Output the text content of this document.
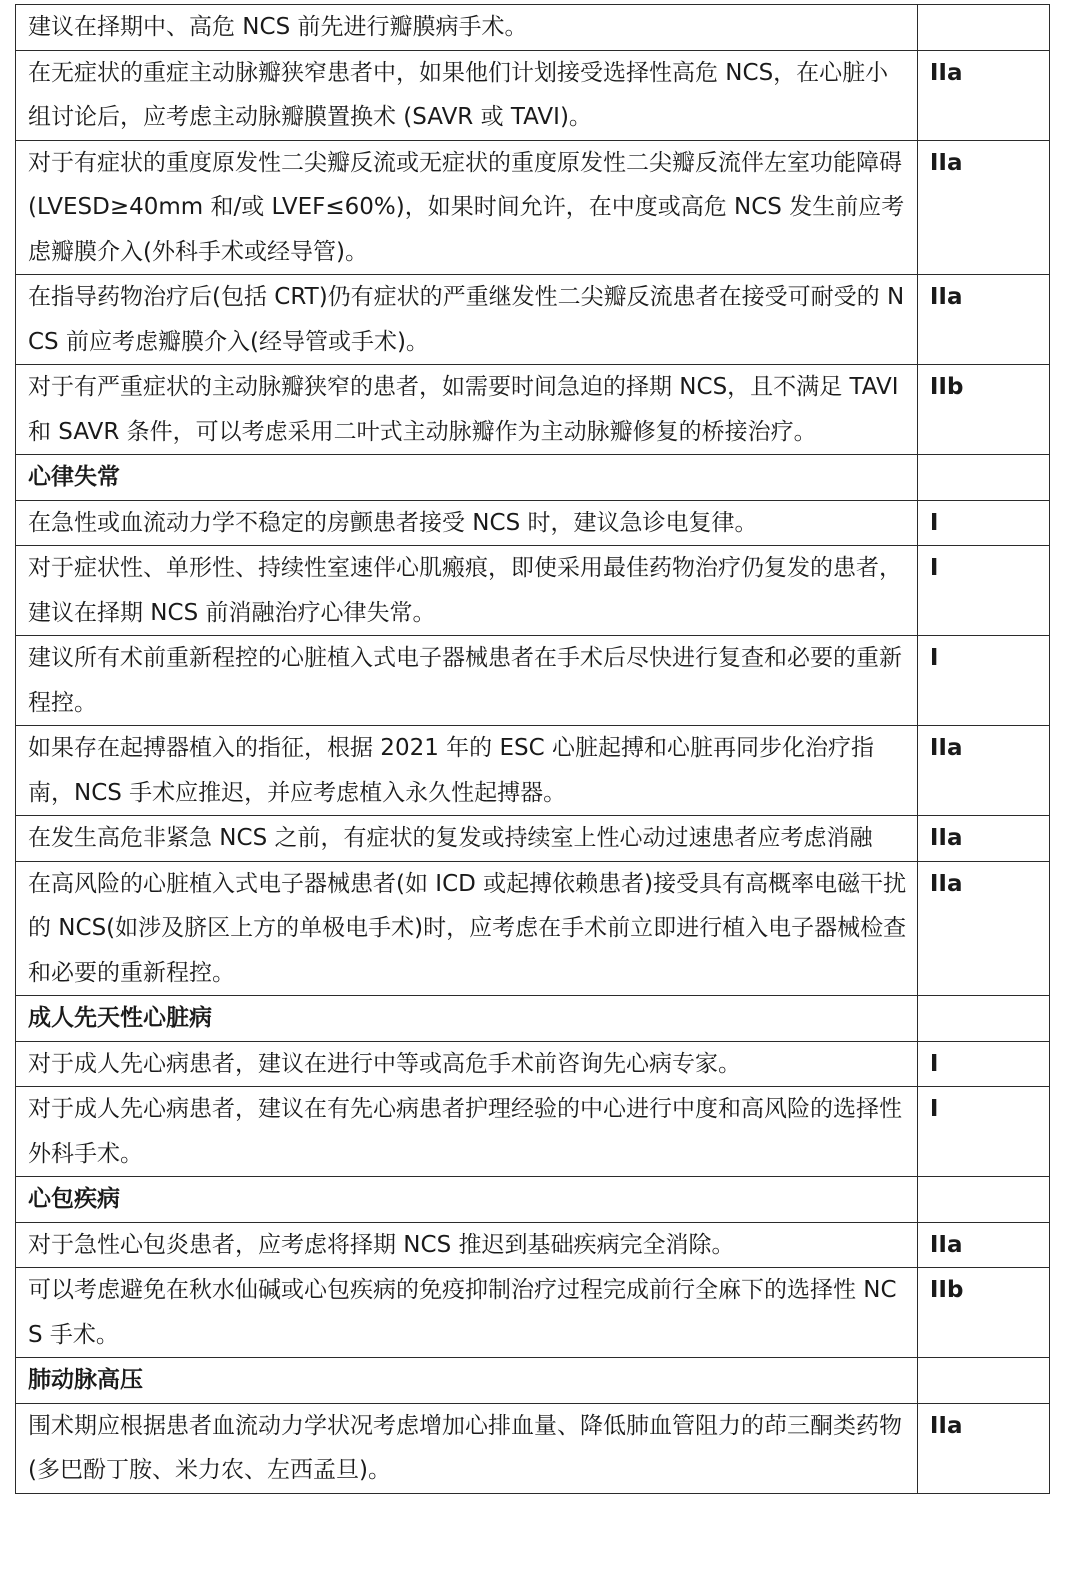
建议在择期中、高危 NCS 前先进行瓣膜病手术。	
在无症状的重症主动脉瓣狭窄患者中，如果他们计划接受选择性高危 NCS，在心脏小组讨论后，应考虑主动脉瓣膜置换术 (SAVR 或 TAVI)。	IIa
对于有症状的重度原发性二尖瓣反流或无症状的重度原发性二尖瓣反流伴左室功能障碍(LVESD≥40mm 和/或 LVEF≤60%)，如果时间允许，在中度或高危 NCS 发生前应考虑瓣膜介入(外科手术或经导管)。	IIa
在指导药物治疗后(包括 CRT)仍有症状的严重继发性二尖瓣反流患者在接受可耐受的 NCS 前应考虑瓣膜介入(经导管或手术)。	IIa
对于有严重症状的主动脉瓣狭窄的患者，如需要时间急迫的择期 NCS，且不满足 TAVI 和 SAVR 条件，可以考虑采用二叶式主动脉瓣作为主动脉瓣修复的桥接治疗。	IIb
心律失常	
在急性或血流动力学不稳定的房颤患者接受 NCS 时，建议急诊电复律。	I
对于症状性、单形性、持续性室速伴心肌瘢痕，即使采用最佳药物治疗仍复发的患者，建议在择期 NCS 前消融治疗心律失常。	I
建议所有术前重新程控的心脏植入式电子器械患者在手术后尽快进行复查和必要的重新程控。	I
如果存在起搏器植入的指征，根据 2021 年的 ESC 心脏起搏和心脏再同步化治疗指南，NCS 手术应推迟，并应考虑植入永久性起搏器。	IIa
在发生高危非紧急 NCS 之前，有症状的复发或持续室上性心动过速患者应考虑消融	IIa
在高风险的心脏植入式电子器械患者(如 ICD 或起搏依赖患者)接受具有高概率电磁干扰的 NCS(如涉及脐区上方的单极电手术)时，应考虑在手术前立即进行植入电子器械检查和必要的重新程控。	IIa
成人先天性心脏病	
对于成人先心病患者，建议在进行中等或高危手术前咨询先心病专家。	I
对于成人先心病患者，建议在有先心病患者护理经验的中心进行中度和高风险的选择性外科手术。	I
心包疾病	
对于急性心包炎患者，应考虑将择期 NCS 推迟到基础疾病完全消除。	IIa
可以考虑避免在秋水仙碱或心包疾病的免疫抑制治疗过程完成前行全麻下的选择性 NCS 手术。	IIb
肺动脉高压	
围术期应根据患者血流动力学状况考虑增加心排血量、降低肺血管阻力的茚三酮类药物(多巴酚丁胺、米力农、左西孟旦)。	IIa
